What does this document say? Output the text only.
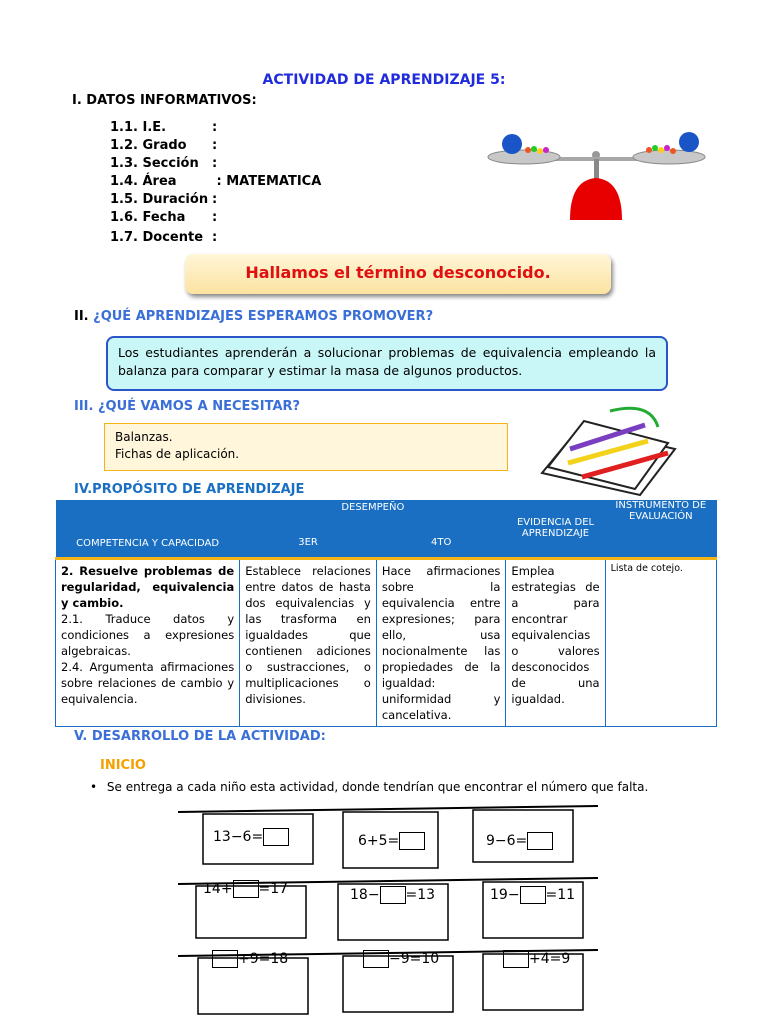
ACTIVIDAD DE APRENDIZAJE 5:
I. DATOS INFORMATIVOS:
1.1. I.E.	:
1.2. Grado :
1.3. Sección :
1.4. Área	: MATEMATICA
1.5. Duración :
1.6. Fecha :
1.7. Docente :
Hallamos el término desconocido.
II. ¿QUÉ APRENDIZAJES ESPERAMOS PROMOVER?
Los estudiantes aprenderán a solucionar problemas de equivalencia empleando la balanza para comparar y estimar la masa de algunos productos.
III. ¿QUÉ VAMOS A NECESITAR?
Balanzas.
Fichas de aplicación.
IV.PROPÓSITO DE APRENDIZAJE
COMPETENCIA Y CAPACIDAD	DESEMPEÑO		EVIDENCIA DEL APRENDIZAJE	INSTRUMENTO DE EVALUACIÓN
	3ER	4TO		

2. Resuelve problemas de regularidad, equivalencia y cambio.
2.1. Traduce datos y condiciones a expresiones algebraicas.
2.4. Argumenta afirmaciones sobre relaciones de cambio y equivalencia.	Establece relaciones entre datos de hasta dos equivalencias y las trasforma en igualdades que contienen adiciones o sustracciones, o multiplicaciones o divisiones.	Hace afirmaciones sobre la equivalencia entre expresiones; para ello, usa nocionalmente las propiedades de la igualdad: uniformidad y cancelativa.	Emplea estrategias de a para encontrar equivalencias o valores desconocidos de una igualdad.	Lista de cotejo.
V. DESARROLLO DE LA ACTIVIDAD:
INICIO
• Se entrega a cada niño esta actividad, donde tendrían que encontrar el número que falta.
13−6=	6+5=	9−6=
14+ =17	18− =13	19− =11
+9=18	−9=10	+4=9
